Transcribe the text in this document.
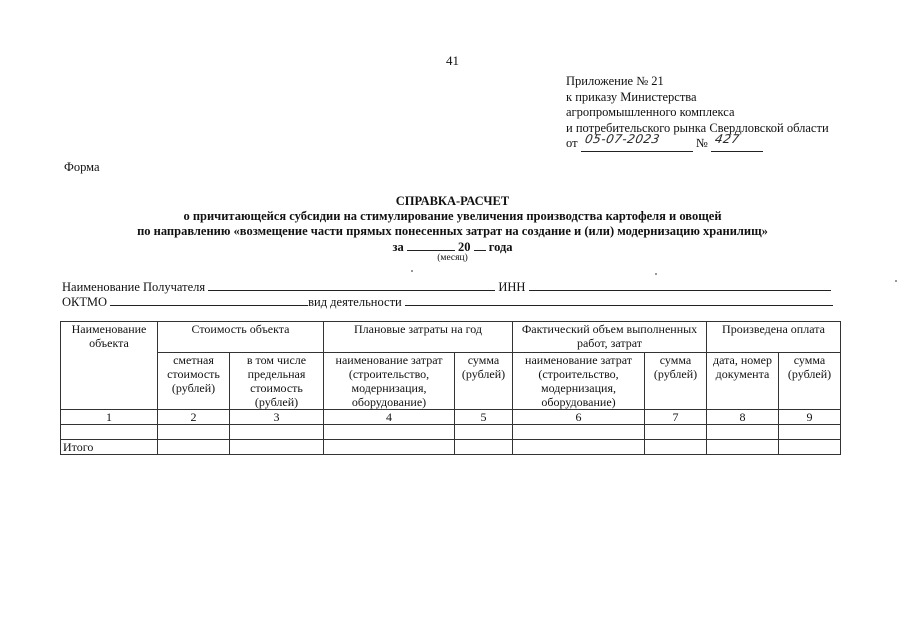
41
Приложение № 21
к приказу Министерства
агропромышленного комплекса
и потребительского рынка Свердловской области
от 05-07-2023	№ 427
Форма
СПРАВКА-РАСЧЕТ
о причитающейся субсидии на стимулирование увеличения производства картофеля и овощей
по направлению «возмещение части прямых понесенных затрат на создание и (или) модернизацию хранилищ»
за	20 года
(месяц)
Наименование Получателя	ИНН
ОКТМО	вид деятельности
Наименование объекта	Стоимость объекта		Плановые затраты на год		Фактический объем выполненных работ, затрат		Произведена оплата	
	сметная стоимость (рублей)	в том числе предельная стоимость (рублей)	наименование затрат (строительство, модернизация, оборудование)	сумма (рублей)	наименование затрат (строительство, модернизация, оборудование)	сумма (рублей)	дата, номер документа	сумма (рублей)
1	2	3	4	5	6	7	8	9

Итого								
